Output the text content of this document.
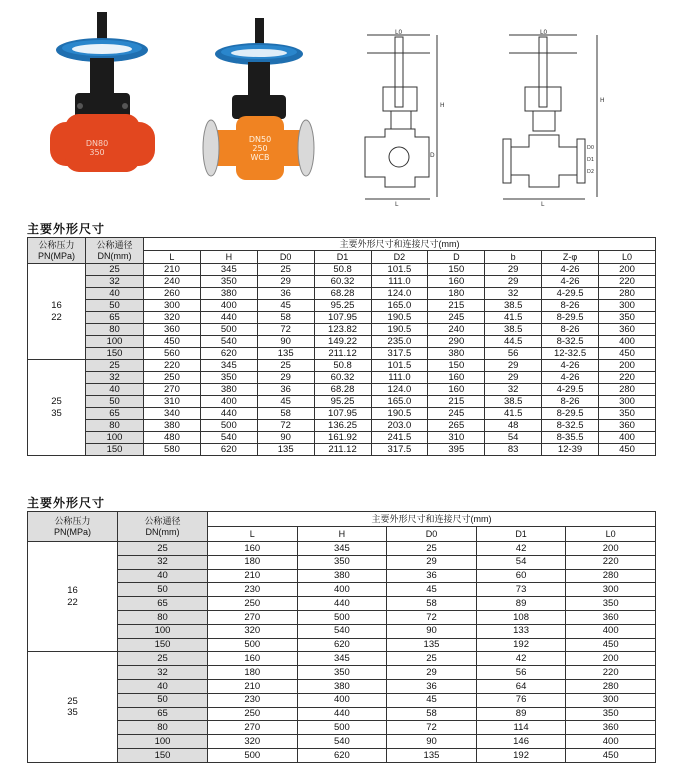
DN80 350
DN50 250 WCB
L0
H
D
L
L0
H
D0
D1
D2
L
主要外形尺寸
公称压力
PN(MPa)	公称通径
DN(mm)	主要外形尺寸和连接尺寸(mm)								
		L	H	D0	D1	D2	D	b	Z-φ	L0
16
22	25	210	345	25	50.8	101.5	150	29	4-26	200
	32	240	350	29	60.32	111.0	160	29	4-26	220
	40	260	380	36	68.28	124.0	180	32	4-29.5	280
	50	300	400	45	95.25	165.0	215	38.5	8-26	300
	65	320	440	58	107.95	190.5	245	41.5	8-29.5	350
	80	360	500	72	123.82	190.5	240	38.5	8-26	360
	100	450	540	90	149.22	235.0	290	44.5	8-32.5	400
	150	560	620	135	211.12	317.5	380	56	12-32.5	450
25
35	25	220	345	25	50.8	101.5	150	29	4-26	200
	32	250	350	29	60.32	111.0	160	29	4-26	220
	40	270	380	36	68.28	124.0	160	32	4-29.5	280
	50	310	400	45	95.25	165.0	215	38.5	8-26	300
	65	340	440	58	107.95	190.5	245	41.5	8-29.5	350
	80	380	500	72	136.25	203.0	265	48	8-32.5	360
	100	480	540	90	161.92	241.5	310	54	8-35.5	400
	150	580	620	135	211.12	317.5	395	83	12-39	450
主要外形尺寸
公称压力
PN(MPa)	公称通径
DN(mm)	主要外形尺寸和连接尺寸(mm)				
		L	H	D0	D1	L0
16
22	25	160	345	25	42	200
	32	180	350	29	54	220
	40	210	380	36	60	280
	50	230	400	45	73	300
	65	250	440	58	89	350
	80	270	500	72	108	360
	100	320	540	90	133	400
	150	500	620	135	192	450
25
35	25	160	345	25	42	200
	32	180	350	29	56	220
	40	210	380	36	64	280
	50	230	400	45	76	300
	65	250	440	58	89	350
	80	270	500	72	114	360
	100	320	540	90	146	400
	150	500	620	135	192	450
